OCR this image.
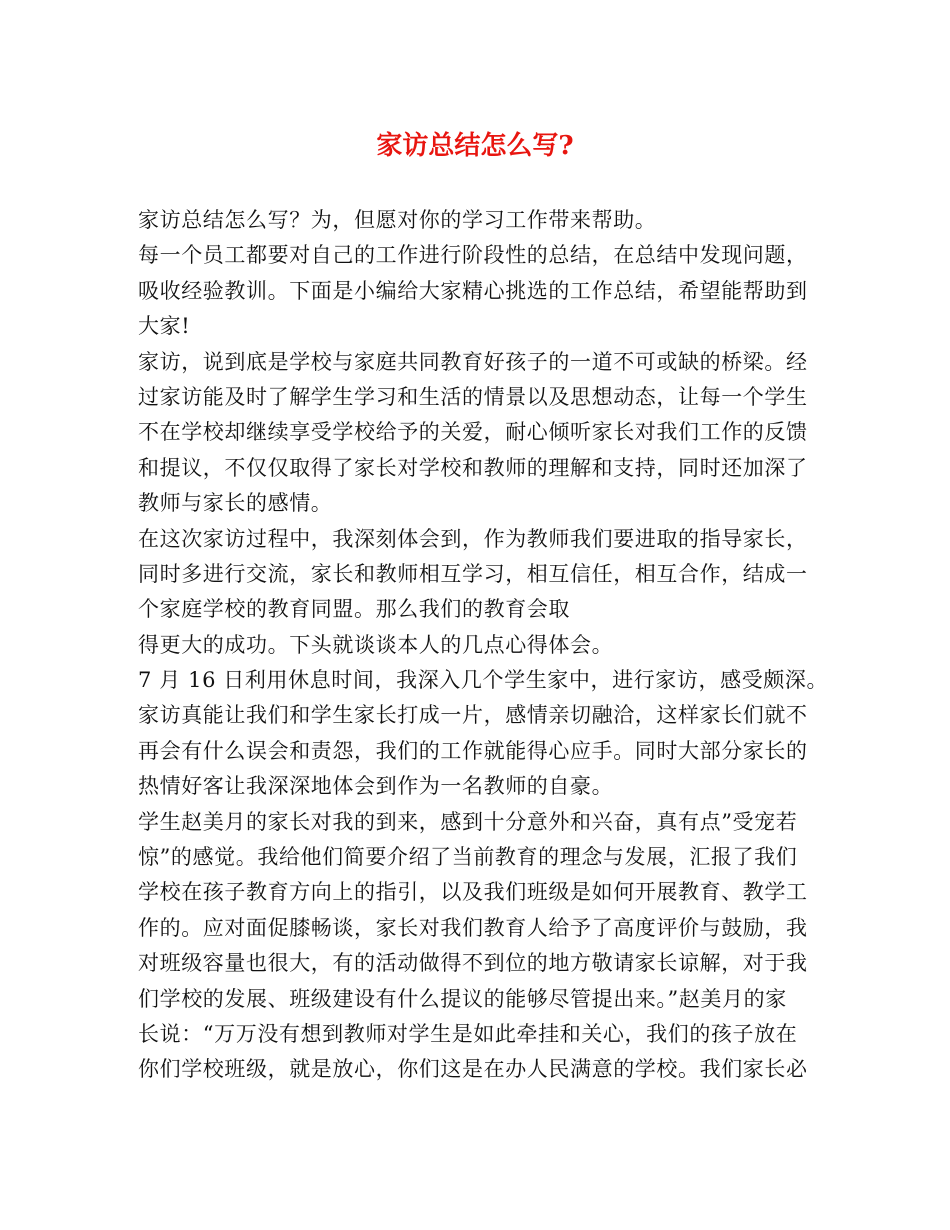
家访总结怎么写?
家访总结怎么写？为，但愿对你的学习工作带来帮助。
每一个员工都要对自己的工作进行阶段性的总结，在总结中发现问题，
吸收经验教训。下面是小编给大家精心挑选的工作总结，希望能帮助到
大家!
家访，说到底是学校与家庭共同教育好孩子的一道不可或缺的桥梁。经
过家访能及时了解学生学习和生活的情景以及思想动态，让每一个学生
不在学校却继续享受学校给予的关爱，耐心倾听家长对我们工作的反馈
和提议，不仅仅取得了家长对学校和教师的理解和支持，同时还加深了
教师与家长的感情。
在这次家访过程中，我深刻体会到，作为教师我们要进取的指导家长，
同时多进行交流，家长和教师相互学习，相互信任，相互合作，结成一
个家庭学校的教育同盟。那么我们的教育会取
得更大的成功。下头就谈谈本人的几点心得体会。
7 月 16 日利用休息时间，我深入几个学生家中，进行家访，感受颇深。
家访真能让我们和学生家长打成一片，感情亲切融洽，这样家长们就不
再会有什么误会和责怨，我们的工作就能得心应手。同时大部分家长的
热情好客让我深深地体会到作为一名教师的自豪。
学生赵美月的家长对我的到来，感到十分意外和兴奋，真有点”受宠若
惊”的感觉。我给他们简要介绍了当前教育的理念与发展，汇报了我们
学校在孩子教育方向上的指引，以及我们班级是如何开展教育、教学工
作的。应对面促膝畅谈，家长对我们教育人给予了高度评价与鼓励，我
对班级容量也很大，有的活动做得不到位的地方敬请家长谅解，对于我
们学校的发展、班级建设有什么提议的能够尽管提出来。”赵美月的家
长说：“万万没有想到教师对学生是如此牵挂和关心，我们的孩子放在
你们学校班级，就是放心，你们这是在办人民满意的学校。我们家长必
